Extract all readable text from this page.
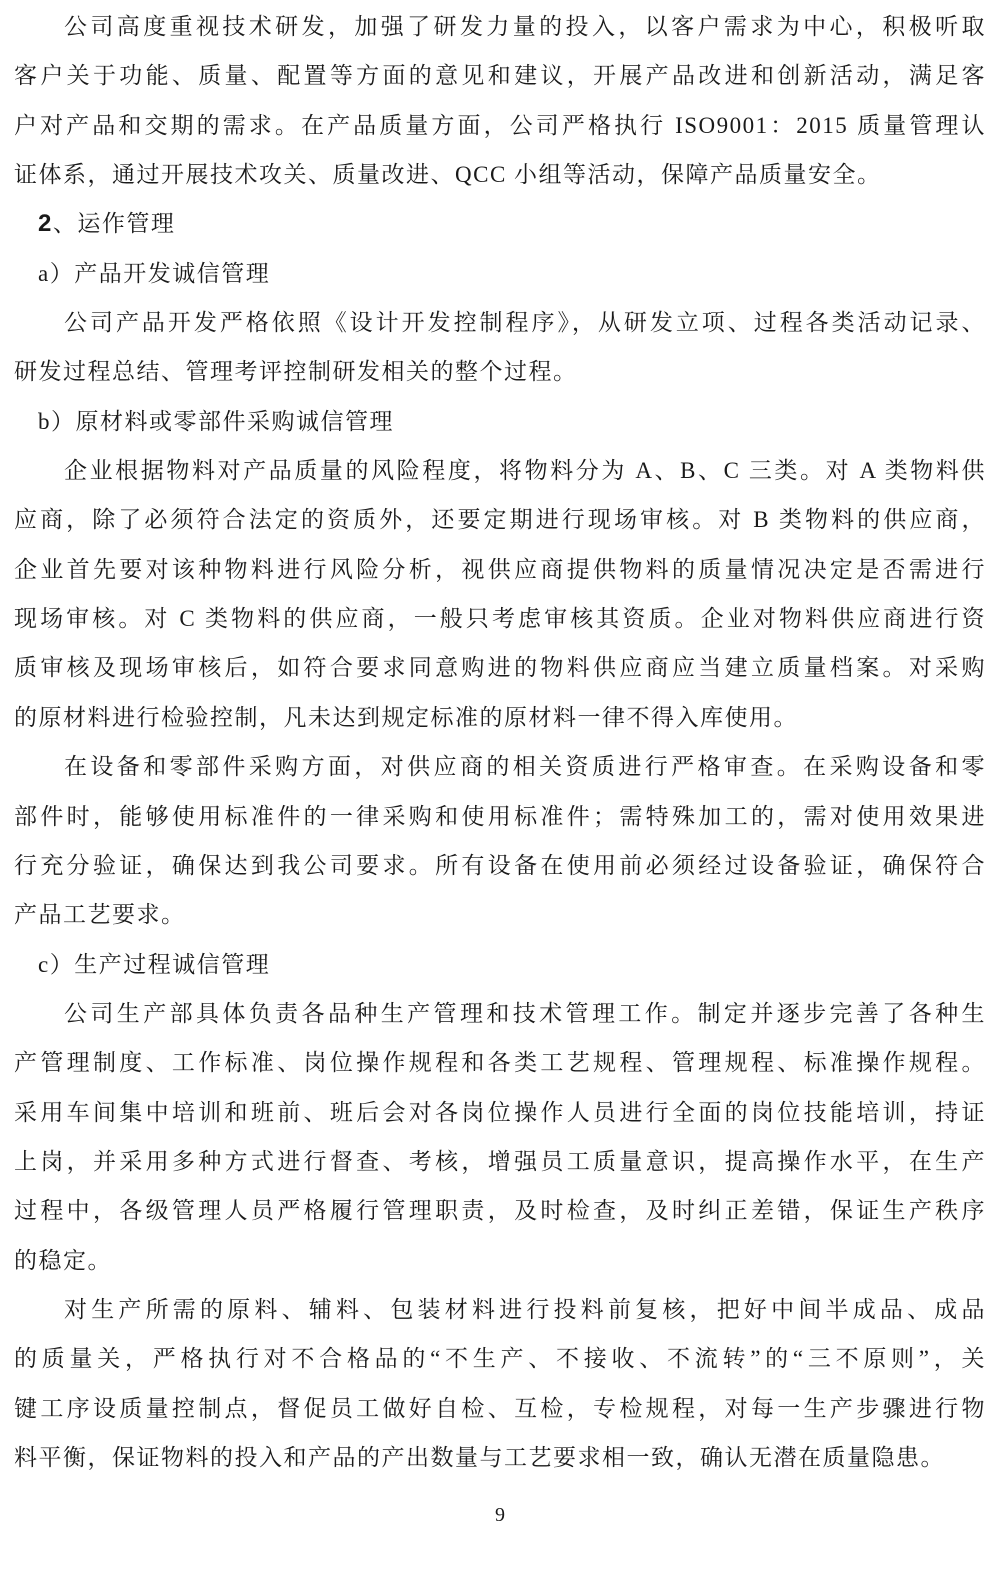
公司高度重视技术研发，加强了研发力量的投入，以客户需求为中心，积极听取
客户关于功能、质量、配置等方面的意见和建议，开展产品改进和创新活动，满足客
户对产品和交期的需求。在产品质量方面，公司严格执行 ISO9001：2015 质量管理认
证体系，通过开展技术攻关、质量改进、QCC 小组等活动，保障产品质量安全。
2、运作管理
a）产品开发诚信管理
公司产品开发严格依照《设计开发控制程序》，从研发立项、过程各类活动记录、
研发过程总结、管理考评控制研发相关的整个过程。
b）原材料或零部件采购诚信管理
企业根据物料对产品质量的风险程度，将物料分为 A、B、C 三类。对 A 类物料供
应商，除了必须符合法定的资质外，还要定期进行现场审核。对 B 类物料的供应商，
企业首先要对该种物料进行风险分析，视供应商提供物料的质量情况决定是否需进行
现场审核。对 C 类物料的供应商，一般只考虑审核其资质。企业对物料供应商进行资
质审核及现场审核后，如符合要求同意购进的物料供应商应当建立质量档案。对采购
的原材料进行检验控制，凡未达到规定标准的原材料一律不得入库使用。
在设备和零部件采购方面，对供应商的相关资质进行严格审查。在采购设备和零
部件时，能够使用标准件的一律采购和使用标准件；需特殊加工的，需对使用效果进
行充分验证，确保达到我公司要求。所有设备在使用前必须经过设备验证，确保符合
产品工艺要求。
c）生产过程诚信管理
公司生产部具体负责各品种生产管理和技术管理工作。制定并逐步完善了各种生
产管理制度、工作标准、岗位操作规程和各类工艺规程、管理规程、标准操作规程。
采用车间集中培训和班前、班后会对各岗位操作人员进行全面的岗位技能培训，持证
上岗，并采用多种方式进行督查、考核，增强员工质量意识，提高操作水平，在生产
过程中，各级管理人员严格履行管理职责，及时检查，及时纠正差错，保证生产秩序
的稳定。
对生产所需的原料、辅料、包装材料进行投料前复核，把好中间半成品、成品
的质量关，严格执行对不合格品的“不生产、不接收、不流转”的“三不原则”，关
键工序设质量控制点，督促员工做好自检、互检，专检规程，对每一生产步骤进行物
料平衡，保证物料的投入和产品的产出数量与工艺要求相一致，确认无潜在质量隐患。
9
